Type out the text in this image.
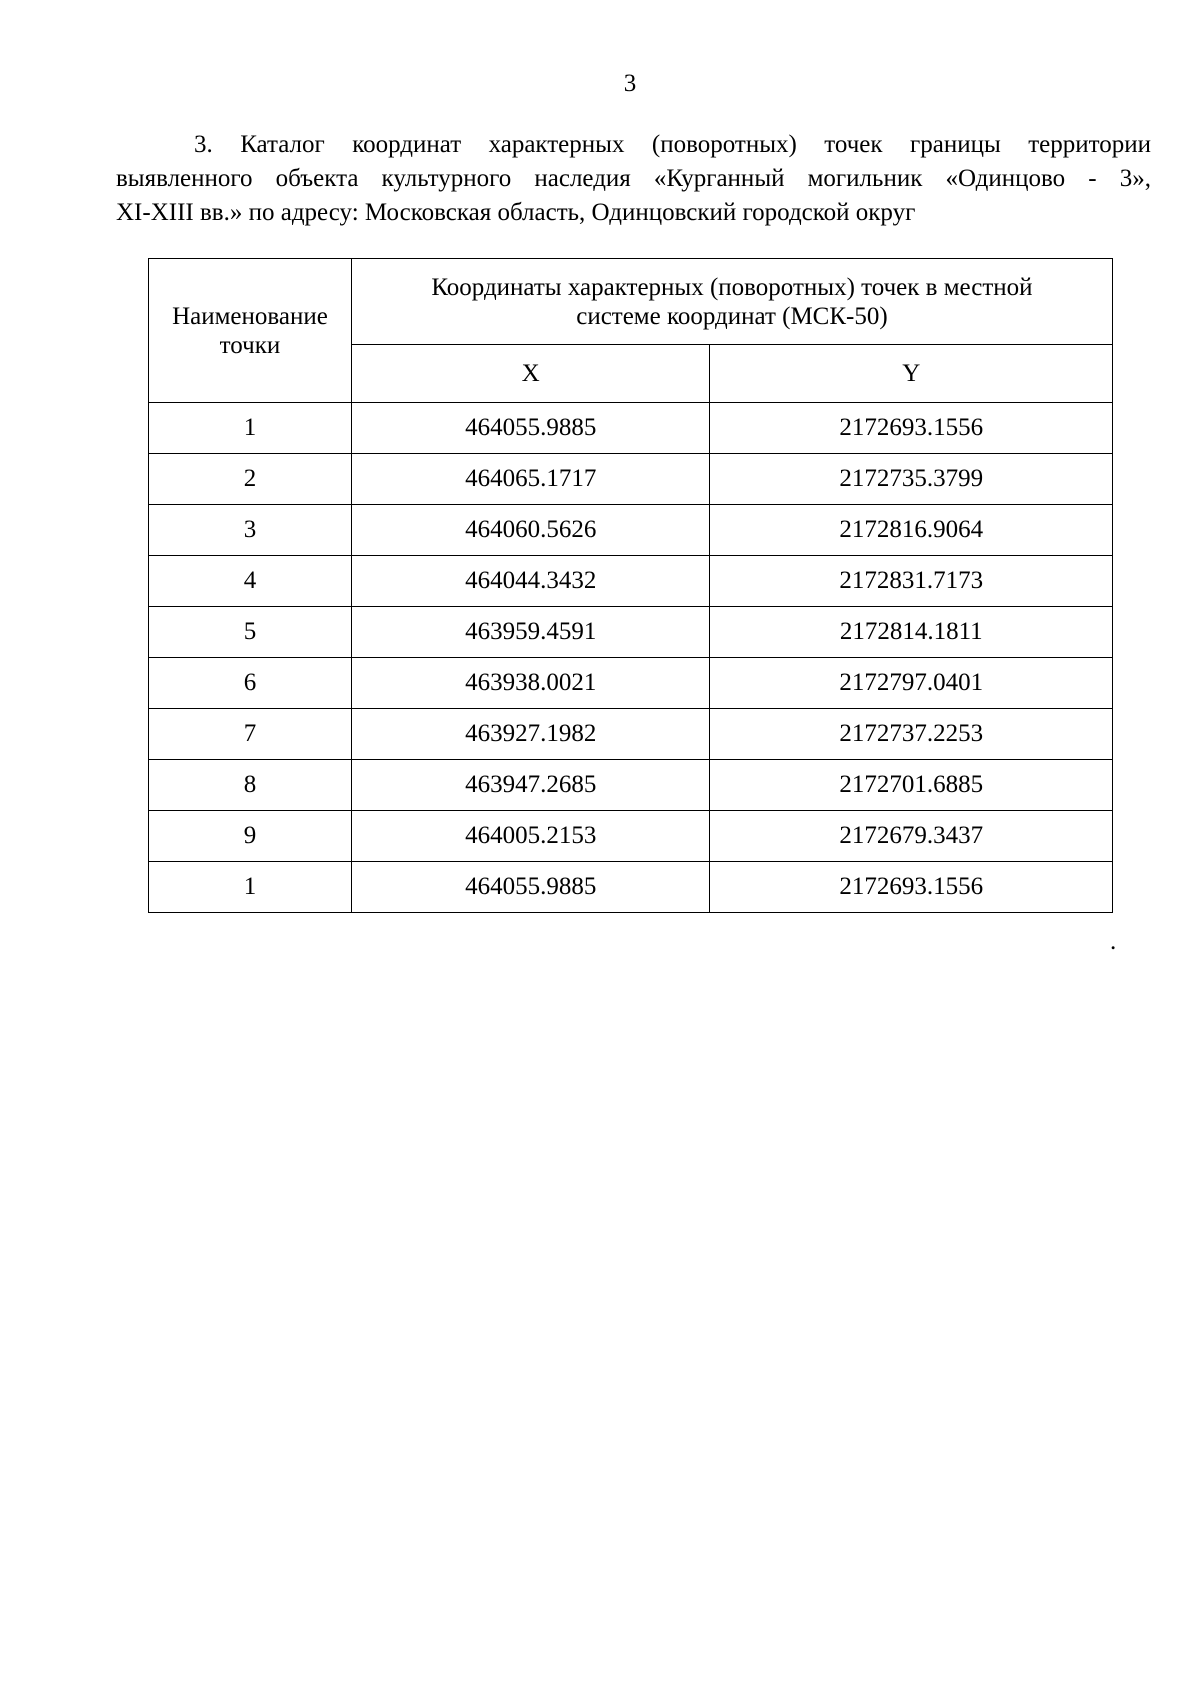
3
3. Каталог координат характерных (поворотных) точек границы территории
выявленного объекта культурного наследия «Курганный могильник «Одинцово - 3»,
XI-XIII вв.» по адресу: Московская область, Одинцовский городской округ
Наименование
точки	Координаты характерных (поворотных) точек в местной
системе координат (МСК-50)	
	X	Y
1	464055.9885	2172693.1556
2	464065.1717	2172735.3799
3	464060.5626	2172816.9064
4	464044.3432	2172831.7173
5	463959.4591	2172814.1811
6	463938.0021	2172797.0401
7	463927.1982	2172737.2253
8	463947.2685	2172701.6885
9	464005.2153	2172679.3437
1	464055.9885	2172693.1556
.
